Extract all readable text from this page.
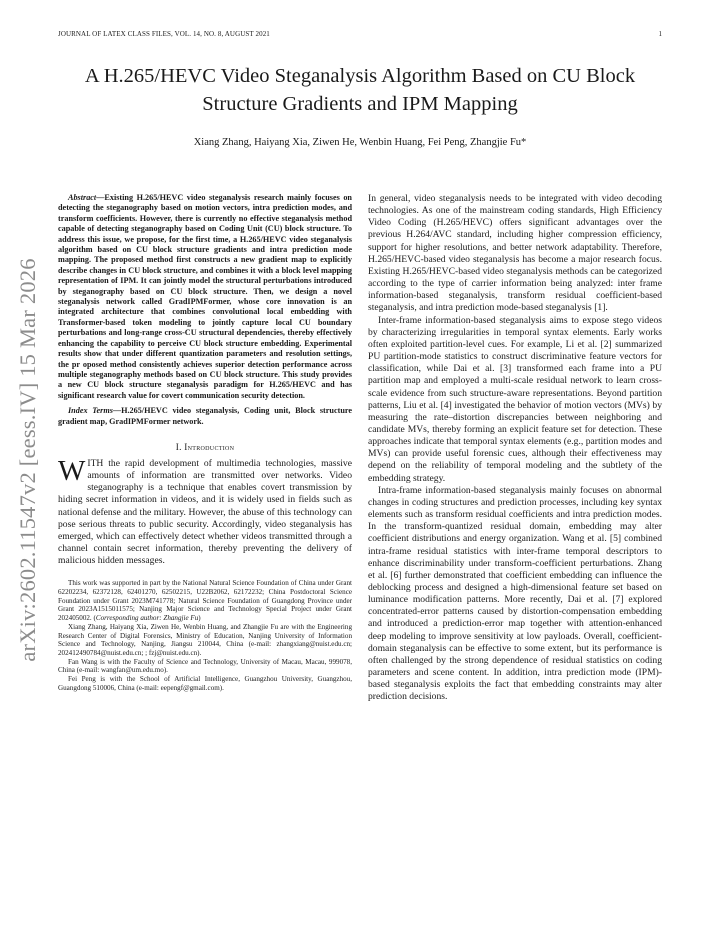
JOURNAL OF LATEX CLASS FILES, VOL. 14, NO. 8, AUGUST 2021	1
arXiv:2602.11547v2 [eess.IV] 15 Mar 2026
A H.265/HEVC Video Steganalysis Algorithm Based on CU Block
Structure Gradients and IPM Mapping
Xiang Zhang, Haiyang Xia, Ziwen He, Wenbin Huang, Fei Peng, Zhangjie Fu*

Abstract—Existing H.265/HEVC video steganalysis research mainly focuses on detecting the steganography based on motion vectors, intra prediction modes, and transform coefficients. However, there is currently no effective steganalysis method capable of detecting steganography based on Coding Unit (CU) block structure. To address this issue, we propose, for the first time, a H.265/HEVC video steganalysis algorithm based on CU block structure gradients and intra prediction mode mapping. The proposed method first constructs a new gradient map to explicitly describe changes in CU block structure, and combines it with a block level mapping representation of IPM. It can jointly model the structural perturbations introduced by steganography based on CU block structure. Then, we design a novel steganalysis network called GradIPMFormer, whose core innovation is an integrated architecture that combines convolutional local embedding with Transformer-based token modeling to jointly capture local CU boundary perturbations and long-range cross-CU structural dependencies, thereby effectively enhancing the capability to perceive CU block structure embedding. Experimental results show that under different quantization parameters and resolution settings, the pr oposed method consistently achieves superior detection performance across multiple steganography methods based on CU block structure. This study provides a new CU block structure steganalysis paradigm for H.265/HEVC and has significant research value for covert communication security detection.

Index Terms—H.265/HEVC video steganalysis, Coding unit, Block structure gradient map, GradIPMFormer network.

I. Introduction

WITH the rapid development of multimedia technologies, massive amounts of information are transmitted over networks. Video steganography is a technique that enables covert transmission by hiding secret information in videos, and it is widely used in fields such as national defense and the military. However, the abuse of this technology can pose serious threats to public security. Accordingly, video steganalysis has emerged, which can effectively detect whether videos transmitted through a channel contain secret information, thereby preventing the delivery of malicious hidden messages.

This work was supported in part by the National Natural Science Foundation of China under Grant 62202234, 62372128, 62401270, 62502215, U22B2062, 62172232; China Postdoctoral Science Foundation under Grant 2023M741778; Natural Science Foundation of Guangdong Province under Grant 2023A1515011575; Nanjing Major Science and Technology Special Project under Grant 202405002. (Corresponding author: Zhangjie Fu)

Xiang Zhang, Haiyang Xia, Ziwen He, Wenbin Huang, and Zhangjie Fu are with the Engineering Research Center of Digital Forensics, Ministry of Education, Nanjing University of Information Science and Technology, Nanjing, Jiangsu 210044, China (e-mail: zhangxiang@nuist.edu.cn; 202412490784@nuist.edu.cn; ; fzj@nuist.edu.cn).

Fan Wang is with the Faculty of Science and Technology, University of Macau, Macau, 999078, China (e-mail: wangfan@um.edu.mo).

Fei Peng is with the School of Artificial Intelligence, Guangzhou University, Guangzhou, Guangdong 510006, China (e-mail: eepengf@gmail.com).

In general, video steganalysis needs to be integrated with video decoding technologies. As one of the mainstream coding standards, High Efficiency Video Coding (H.265/HEVC) offers significant advantages over the previous H.264/AVC standard, including higher compression efficiency, support for higher resolutions, and better network adaptability. Therefore, H.265/HEVC-based video steganalysis has become a major research focus. Existing H.265/HEVC-based video steganalysis methods can be categorized according to the type of carrier information being analyzed: inter frame information-based steganalysis, transform residual coefficient-based steganalysis, and intra prediction mode-based steganalysis [1].

Inter-frame information-based steganalysis aims to expose stego videos by characterizing irregularities in temporal syntax elements. Early works often exploited partition-level cues. For example, Li et al. [2] summarized PU partition-mode statistics to construct discriminative feature vectors for classification, while Dai et al. [3] transformed each frame into a PU partition map and employed a multi-scale residual network to learn cross-scale evidence from such structure-aware representations. Beyond partition patterns, Liu et al. [4] investigated the behavior of motion vectors (MVs) by measuring the rate–distortion discrepancies between neighboring and candidate MVs, thereby forming an explicit feature set for detection. These approaches indicate that temporal syntax elements (e.g., partition modes and MVs) can provide useful forensic cues, although their effectiveness may depend on the reliability of temporal modeling and the subtlety of the embedding strategy.

Intra-frame information-based steganalysis mainly focuses on abnormal changes in coding structures and prediction processes, including key syntax elements such as transform residual coefficients and intra prediction modes. In the transform-quantized residual domain, embedding may alter coefficient distributions and energy organization. Wang et al. [5] combined intra-frame residual statistics with inter-frame temporal descriptors to enhance discriminability under transform-coefficient perturbations. Zhang et al. [6] further demonstrated that coefficient embedding can influence the deblocking process and designed a high-dimensional feature set based on luminance modification patterns. More recently, Dai et al. [7] explored concentrated-error patterns caused by distortion-compensation embedding and introduced a prediction-error map together with attention-enhanced deep modeling to improve sensitivity at low payloads. Overall, coefficient-domain steganalysis can be effective to some extent, but its performance is often challenged by the strong dependence of residual statistics on coding parameters and scene content. In addition, intra prediction mode (IPM)-based steganalysis exploits the fact that embedding constraints may alter prediction decisions.
